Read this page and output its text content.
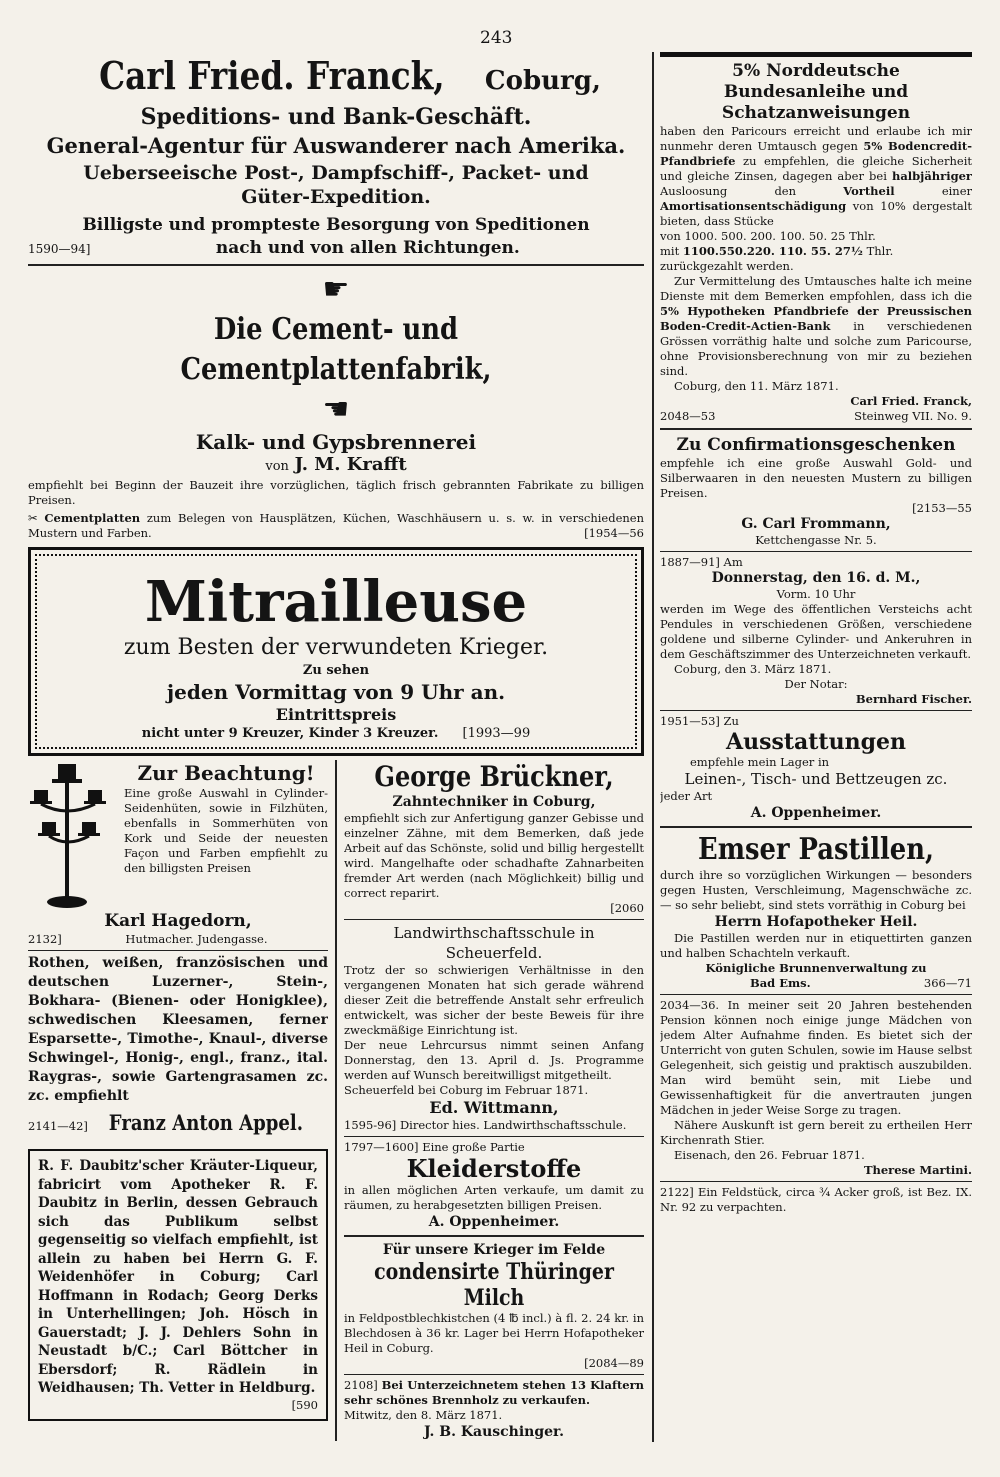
243

Carl Fried. Franck, Coburg,

Speditions- und Bank-Geschäft.

General-Agentur für Auswanderer nach Amerika.

Ueberseeische Post-, Dampfschiff-, Packet- und Güter-Expedition.

Billigste und prompteste Besorgung von Speditionen

1590—94]	nach und von allen Richtungen.

☛ Die Cement- und Cementplattenfabrik, ☚

Kalk- und Gypsbrennerei

von J. M. Krafft

empfiehlt bei Beginn der Bauzeit ihre vorzüglichen, täglich frisch gebrannten Fabrikate zu billigen Preisen.

✂ Cementplatten zum Belegen von Hausplätzen, Küchen, Waschhäusern u. s. w. in verschiedenen Mustern und Farben.	[1954—56

Mitrailleuse

zum Besten der verwundeten Krieger.

Zu sehen

jeden Vormittag von 9 Uhr an.

Eintrittspreis

nicht unter 9 Kreuzer, Kinder 3 Kreuzer. [1993—99

Zur Beachtung!

Eine große Auswahl in Cylinder-Seidenhüten, sowie in Filzhüten, ebenfalls in Sommerhüten von Kork und Seide der neuesten Façon und Farben empfiehlt zu den billigsten Preisen

Karl Hagedorn,

2132]	Hutmacher. Judengasse.

Rothen, weißen, französischen und deutschen Luzerner-, Stein-, Bokhara- (Bienen- oder Honigklee), schwedischen Kleesamen, ferner Esparsette-, Timothe-, Knaul-, diverse Schwingel-, Honig-, engl., franz., ital. Raygras-, sowie Gartengrasamen zc. zc. empfiehlt

2141—42] Franz Anton Appel.

R. F. Daubitz'scher Kräuter-Liqueur, fabricirt vom Apotheker R. F. Daubitz in Berlin, dessen Gebrauch sich das Publikum selbst gegenseitig so vielfach empfiehlt, ist allein zu haben bei Herrn G. F. Weidenhöfer in Coburg; Carl Hoffmann in Rodach; Georg Derks in Unterhellingen; Joh. Hösch in Gauerstadt; J. J. Dehlers Sohn in Neustadt b/C.; Carl Böttcher in Ebersdorf; R. Rädlein in Weidhausen; Th. Vetter in Heldburg.

[590

George Brückner,

Zahntechniker in Coburg,

empfiehlt sich zur Anfertigung ganzer Gebisse und einzelner Zähne, mit dem Bemerken, daß jede Arbeit auf das Schönste, solid und billig hergestellt wird. Mangelhafte oder schadhafte Zahnarbeiten fremder Art werden (nach Möglichkeit) billig und correct reparirt.

[2060

Landwirthschaftsschule in Scheuerfeld.

Trotz der so schwierigen Verhältnisse in den vergangenen Monaten hat sich gerade während dieser Zeit die betreffende Anstalt sehr erfreulich entwickelt, was sicher der beste Beweis für ihre zweckmäßige Einrichtung ist.

Der neue Lehrcursus nimmt seinen Anfang Donnerstag, den 13. April d. Js. Programme werden auf Wunsch bereitwilligst mitgetheilt.

Scheuerfeld bei Coburg im Februar 1871.

Ed. Wittmann,

1595-96] Director hies. Landwirthschaftsschule.

1797—1600] Eine große Partie

Kleiderstoffe

in allen möglichen Arten verkaufe, um damit zu räumen, zu herabgesetzten billigen Preisen.

A. Oppenheimer.

Für unsere Krieger im Felde

condensirte Thüringer Milch

in Feldpostblechkistchen (4 ℔ incl.) à fl. 2. 24 kr. in Blechdosen à 36 kr. Lager bei Herrn Hofapotheker Heil in Coburg.

[2084—89

2108] Bei Unterzeichnetem stehen 13 Klaftern sehr schönes Brennholz zu verkaufen.

Mitwitz, den 8. März 1871.

J. B. Kauschinger.

5% Norddeutsche Bundesanleihe und Schatzanweisungen

haben den Paricours erreicht und erlaube ich mir nunmehr deren Umtausch gegen 5% Bodencredit-Pfandbriefe zu empfehlen, die gleiche Sicherheit und gleiche Zinsen, dagegen aber bei halbjähriger Ausloosung den	Vortheil	einer Amortisationsentschädigung von 10% dergestalt bieten, dass Stücke

von 1000. 500. 200. 100. 50. 25 Thlr.

mit 1100.550.220. 110. 55. 27½ Thlr.

zurückgezahlt werden.

Zur Vermittelung des Umtausches halte ich meine Dienste mit dem Bemerken empfohlen, dass ich die 5% Hypotheken Pfandbriefe der Preussischen Boden-Credit-Actien-Bank in verschiedenen Grössen vorräthig halte und solche zum Paricourse, ohne Provisionsberechnung von mir zu beziehen sind.

Coburg, den 11. März 1871.

Carl Fried. Franck,

2048—53	Steinweg VII. No. 9.

Zu Confirmationsgeschenken

empfehle ich eine große Auswahl Gold- und Silberwaaren in den neuesten Mustern zu billigen Preisen.

[2153—55

G. Carl Frommann,

Kettchengasse Nr. 5.

1887—91] Am

Donnerstag, den 16. d. M.,

Vorm. 10 Uhr

werden im Wege des öffentlichen Versteichs acht Pendules in verschiedenen Größen, verschiedene goldene und silberne Cylinder- und Ankeruhren in dem Geschäftszimmer des Unterzeichneten verkauft.

Coburg, den 3. März 1871.

Der Notar:

Bernhard Fischer.

1951—53] Zu

Ausstattungen

empfehle mein Lager in

Leinen-, Tisch- und Bettzeugen zc.

jeder Art

A. Oppenheimer.

Emser Pastillen,

durch ihre so vorzüglichen Wirkungen — besonders gegen Husten, Verschleimung, Magenschwäche zc. — so sehr beliebt, sind stets vorräthig in Coburg bei

Herrn Hofapotheker Heil.

Die Pastillen werden nur in etiquettirten ganzen und halben Schachteln verkauft.

Königliche Brunnenverwaltung zu

Bad Ems.	366—71

2034—36. In meiner seit 20 Jahren bestehenden Pension können noch einige junge Mädchen von jedem Alter Aufnahme finden. Es bietet sich der Unterricht von guten Schulen, sowie im Hause selbst Gelegenheit, sich geistig und praktisch auszubilden. Man wird bemüht sein, mit Liebe und Gewissenhaftigkeit für die anvertrauten jungen Mädchen in jeder Weise Sorge zu tragen.

Nähere Auskunft ist gern bereit zu ertheilen Herr Kirchenrath Stier.

Eisenach, den 26. Februar 1871.

Therese Martini.

2122] Ein Feldstück, circa ¾ Acker groß, ist Bez. IX. Nr. 92 zu verpachten.
